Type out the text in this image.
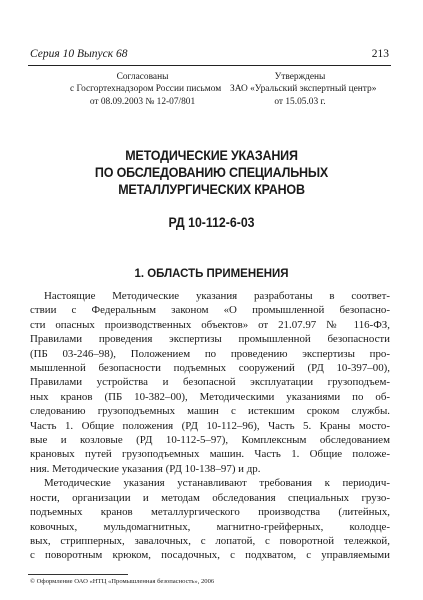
Серия 10 Выпуск 68	213
Согласованы
с Госгортехнадзором России письмом
от 08.09.2003 № 12-07/801
Утверждены
ЗАО «Уральский экспертный центр»
от 15.05.03 г.
МЕТОДИЧЕСКИЕ УКАЗАНИЯ
ПО ОБСЛЕДОВАНИЮ СПЕЦИАЛЬНЫХ
МЕТАЛЛУРГИЧЕСКИХ КРАНОВ
РД 10-112-6-03
1. ОБЛАСТЬ ПРИМЕНЕНИЯ
Настоящие Методические указания разработаны в соответ-
ствии с Федеральным законом «О промышленной безопасно-
сти опасных производственных объектов» от 21.07.97 № 116-ФЗ,
Правилами проведения экспертизы промышленной безопасности
(ПБ 03-246–98), Положением по проведению экспертизы про-
мышленной безопасности подъемных сооружений (РД 10-397–00),
Правилами устройства и безопасной эксплуатации грузоподъем-
ных кранов (ПБ 10-382–00), Методическими указаниями по об-
следованию грузоподъемных машин с истекшим сроком службы.
Часть 1. Общие положения (РД 10-112–96), Часть 5. Краны мосто-
вые и козловые (РД 10-112-5–97), Комплексным обследованием
крановых путей грузоподъемных машин. Часть 1. Общие положе-
ния. Методические указания (РД 10-138–97) и др.
Методические указания устанавливают требования к периодич-
ности, организации и методам обследования специальных грузо-
подъемных кранов металлургического производства (литейных,
ковочных, мульдомагнитных, магнитно-грейферных, колодце-
вых, стрипперных, завалочных, с лопатой, с поворотной тележкой,
с поворотным крюком, посадочных, с подхватом, с управляемыми
© Оформление ОАО «НТЦ «Промышленная безопасность», 2006
